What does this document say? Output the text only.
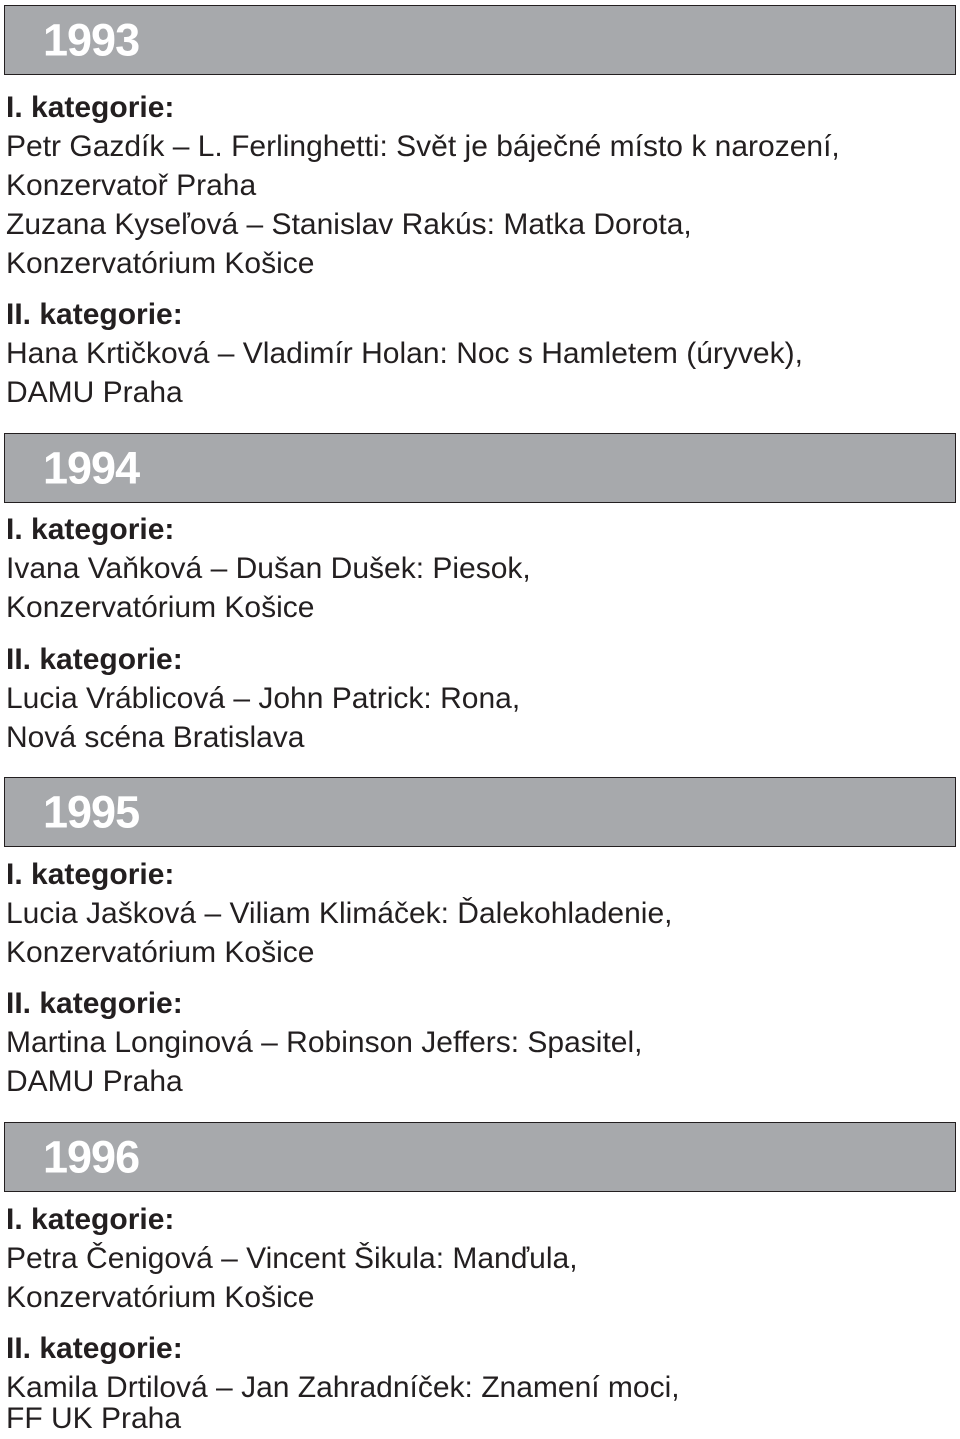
1993
I. kategorie:
Petr Gazdík – L. Ferlinghetti: Svět je báječné místo k narození,
Konzervatoř Praha
Zuzana Kyseľová – Stanislav Rakús: Matka Dorota,
Konzervatórium Košice
II. kategorie:
Hana Krtičková – Vladimír Holan: Noc s Hamletem (úryvek),
DAMU Praha
1994
I. kategorie:
Ivana Vaňková – Dušan Dušek: Piesok,
Konzervatórium Košice
II. kategorie:
Lucia Vráblicová – John Patrick: Rona,
Nová scéna Bratislava
1995
I. kategorie:
Lucia Jašková – Viliam Klimáček: Ďalekohladenie,
Konzervatórium Košice
II. kategorie:
Martina Longinová – Robinson Jeffers: Spasitel,
DAMU Praha
1996
I. kategorie:
Petra Čenigová – Vincent Šikula: Manďula,
Konzervatórium Košice
II. kategorie:
Kamila Drtilová – Jan Zahradníček: Znamení moci,
FF UK Praha
